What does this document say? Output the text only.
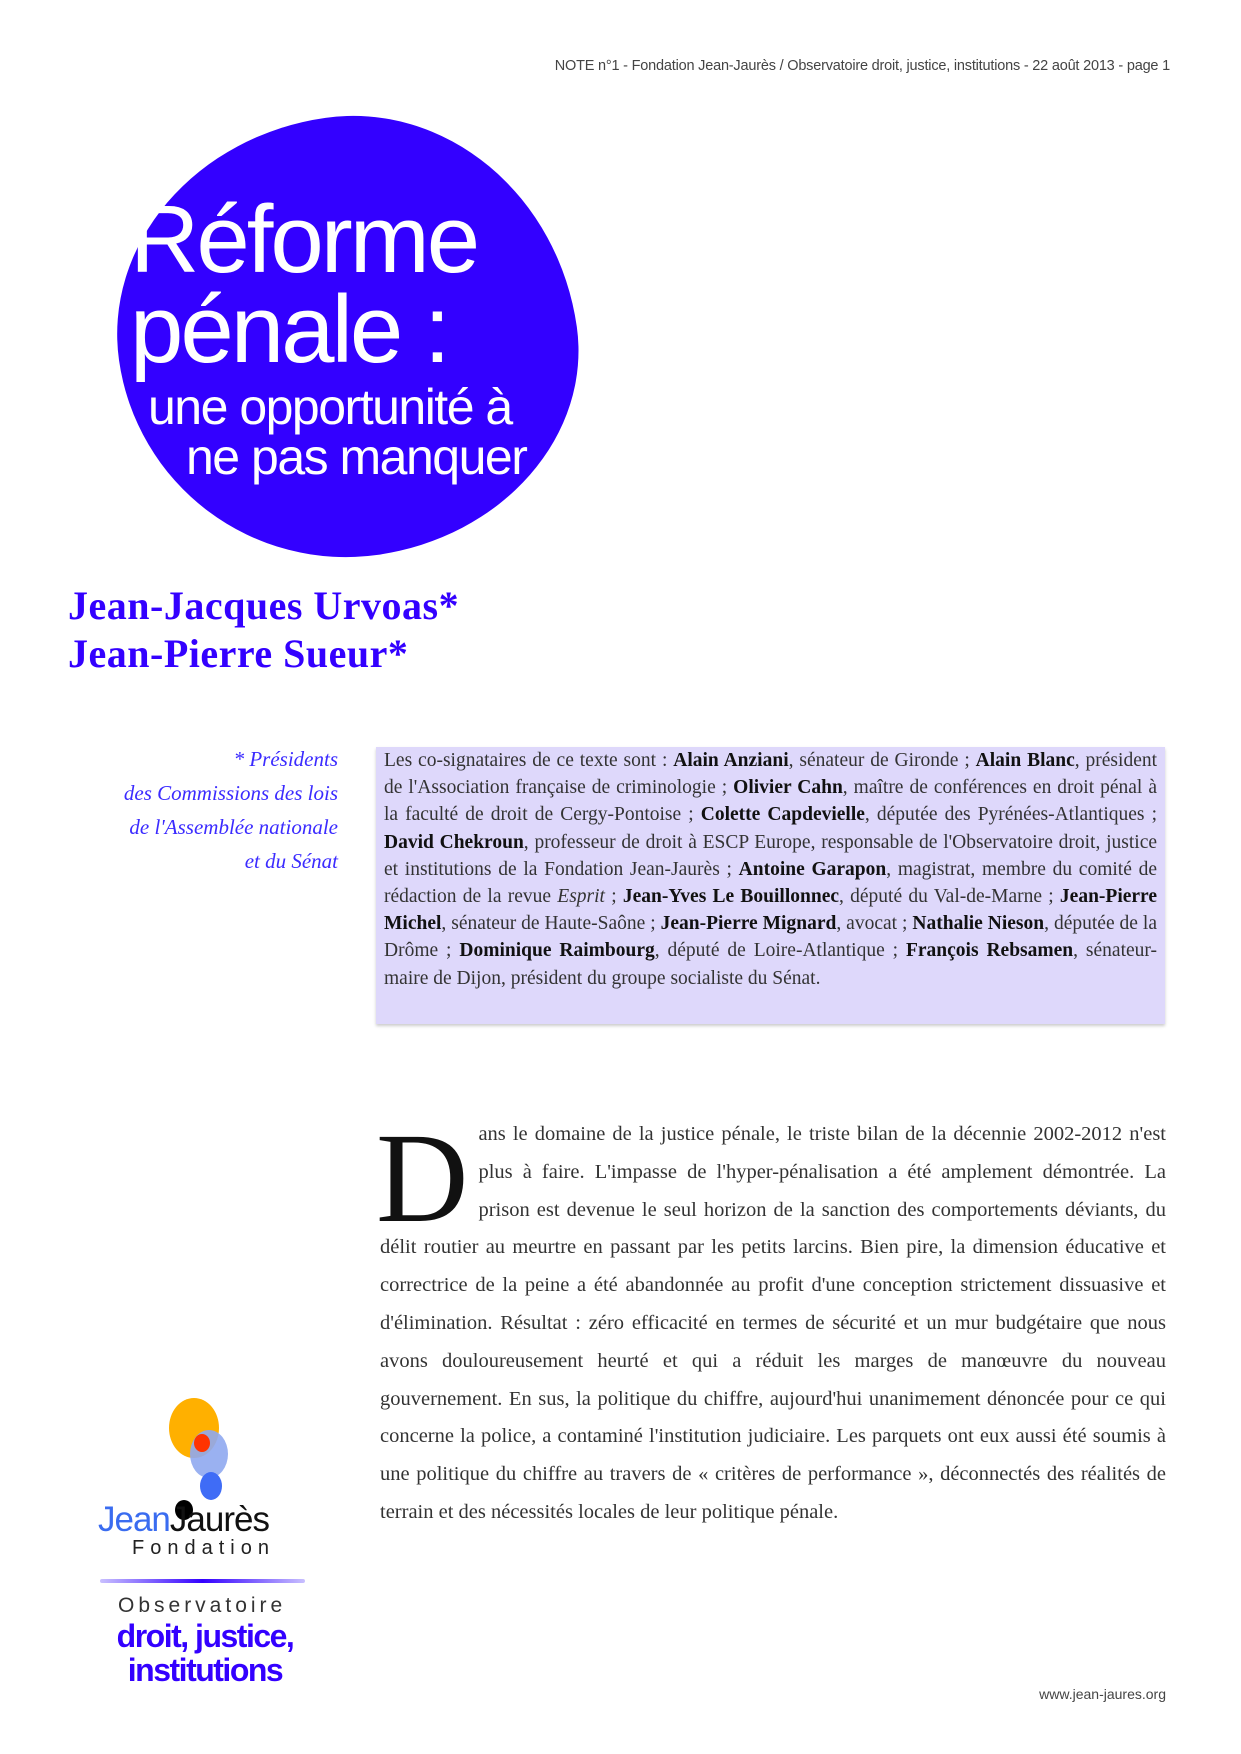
NOTE n°1 - Fondation Jean-Jaurès / Observatoire droit, justice, institutions - 22 août 2013 - page 1
Réforme
pénale :
une opportunité à
ne pas manquer
Jean-Jacques Urvoas*
Jean-Pierre Sueur*
* Présidents
des Commissions des lois
de l'Assemblée nationale
et du Sénat
Les co-signataires de ce texte sont : Alain Anziani, sénateur de Gironde ; Alain Blanc, président de l'Association française de criminologie ; Olivier Cahn, maître de conférences en droit pénal à la faculté de droit de Cergy-Pontoise ; Colette Capdevielle, députée des Pyrénées-Atlantiques ; David Chekroun, professeur de droit à ESCP Europe, responsable de l'Observatoire droit, justice et institutions de la Fondation Jean-Jaurès ; Antoine Garapon, magistrat, membre du comité de rédaction de la revue Esprit ; Jean-Yves Le Bouillonnec, député du Val-de-Marne ; Jean-Pierre Michel, sénateur de Haute-Saône ; Jean-Pierre Mignard, avocat ; Nathalie Nieson, députée de la Drôme ; Dominique Raimbourg, député de Loire-Atlantique ; François Rebsamen, sénateur-maire de Dijon, président du groupe socialiste du Sénat.
D ans le domaine de la justice pénale, le triste bilan de la décennie 2002-2012 n'est plus à faire. L'impasse de l'hyper-pénalisation a été amplement démontrée. La prison est devenue le seul horizon de la sanction des comportements déviants, du délit routier au meurtre en passant par les petits larcins. Bien pire, la dimension éducative et correctrice de la peine a été abandonnée au profit d'une conception strictement dissuasive et d'élimination. Résultat : zéro efficacité en termes de sécurité et un mur budgétaire que nous avons douloureusement heurté et qui a réduit les marges de manœuvre du nouveau gouvernement. En sus, la politique du chiffre, aujourd'hui unanimement dénoncée pour ce qui concerne la police, a contaminé l'institution judiciaire. Les parquets ont eux aussi été soumis à une politique du chiffre au travers de « critères de performance », déconnectés des réalités de terrain et des nécessités locales de leur politique pénale.
JeanJaurès
Fondation
Observatoire
droit, justice,
institutions
www.jean-jaures.org
